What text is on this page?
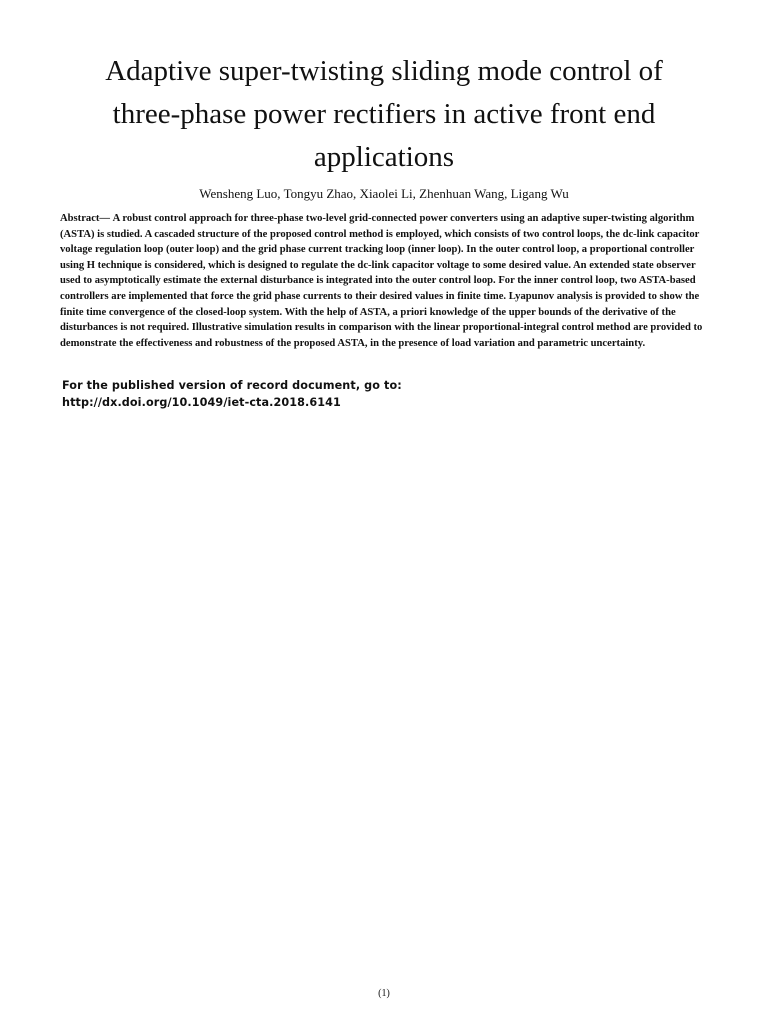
Adaptive super-twisting sliding mode control of
three-phase power rectifiers in active front end
applications
Wensheng Luo, Tongyu Zhao, Xiaolei Li, Zhenhuan Wang, Ligang Wu

Abstract— A robust control approach for three-phase two-level grid-connected power converters using an adaptive super-twisting algorithm (ASTA) is studied. A cascaded structure of the proposed control method is employed, which consists of two control loops, the dc-link capacitor voltage regulation loop (outer loop) and the grid phase current tracking loop (inner loop). In the outer control loop, a proportional controller using H technique is considered, which is designed to regulate the dc-link capacitor voltage to some desired value. An extended state observer used to asymptotically estimate the external disturbance is integrated into the outer control loop. For the inner control loop, two ASTA-based controllers are implemented that force the grid phase currents to their desired values in finite time. Lyapunov analysis is provided to show the finite time convergence of the closed-loop system. With the help of ASTA, a priori knowledge of the upper bounds of the derivative of the disturbances is not required. Illustrative simulation results in comparison with the linear proportional-integral control method are provided to demonstrate the effectiveness and robustness of the proposed ASTA, in the presence of load variation and parametric uncertainty.

For the published version of record document, go to:
http://dx.doi.org/10.1049/iet-cta.2018.6141
(1)
